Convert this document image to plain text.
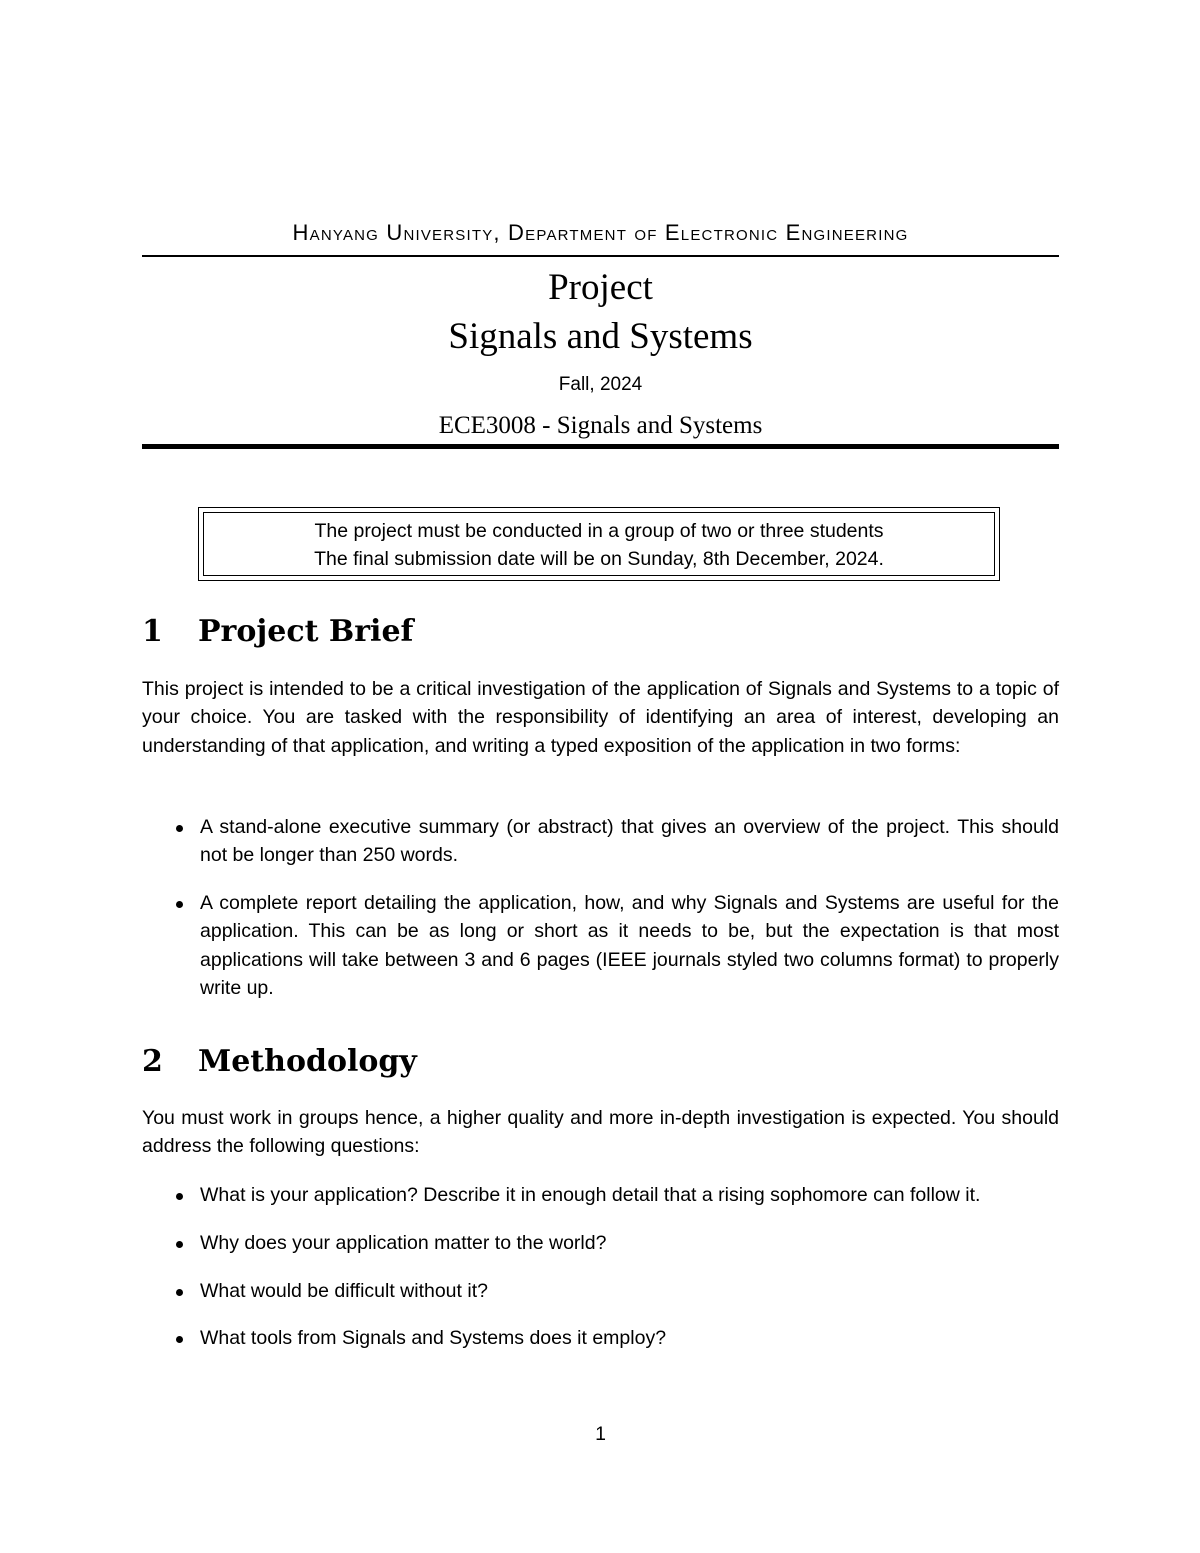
Hanyang University, Department of Electronic Engineering
Project
Signals and Systems
Fall, 2024
ECE3008 - Signals and Systems
The project must be conducted in a group of two or three students
The final submission date will be on Sunday, 8th December, 2024.
1 Project Brief

This project is intended to be a critical investigation of the application of Signals and Systems to a topic of your choice. You are tasked with the responsibility of identifying an area of interest, developing an understanding of that application, and writing a typed exposition of the application in two forms:

A stand-alone executive summary (or abstract) that gives an overview of the project. This should not be longer than 250 words.
A complete report detailing the application, how, and why Signals and Systems are useful for the application. This can be as long or short as it needs to be, but the expectation is that most applications will take between 3 and 6 pages (IEEE journals styled two columns format) to properly write up.
2 Methodology

You must work in groups hence, a higher quality and more in-depth investigation is expected. You should address the following questions:

What is your application? Describe it in enough detail that a rising sophomore can follow it.
Why does your application matter to the world?
What would be difficult without it?
What tools from Signals and Systems does it employ?
1
